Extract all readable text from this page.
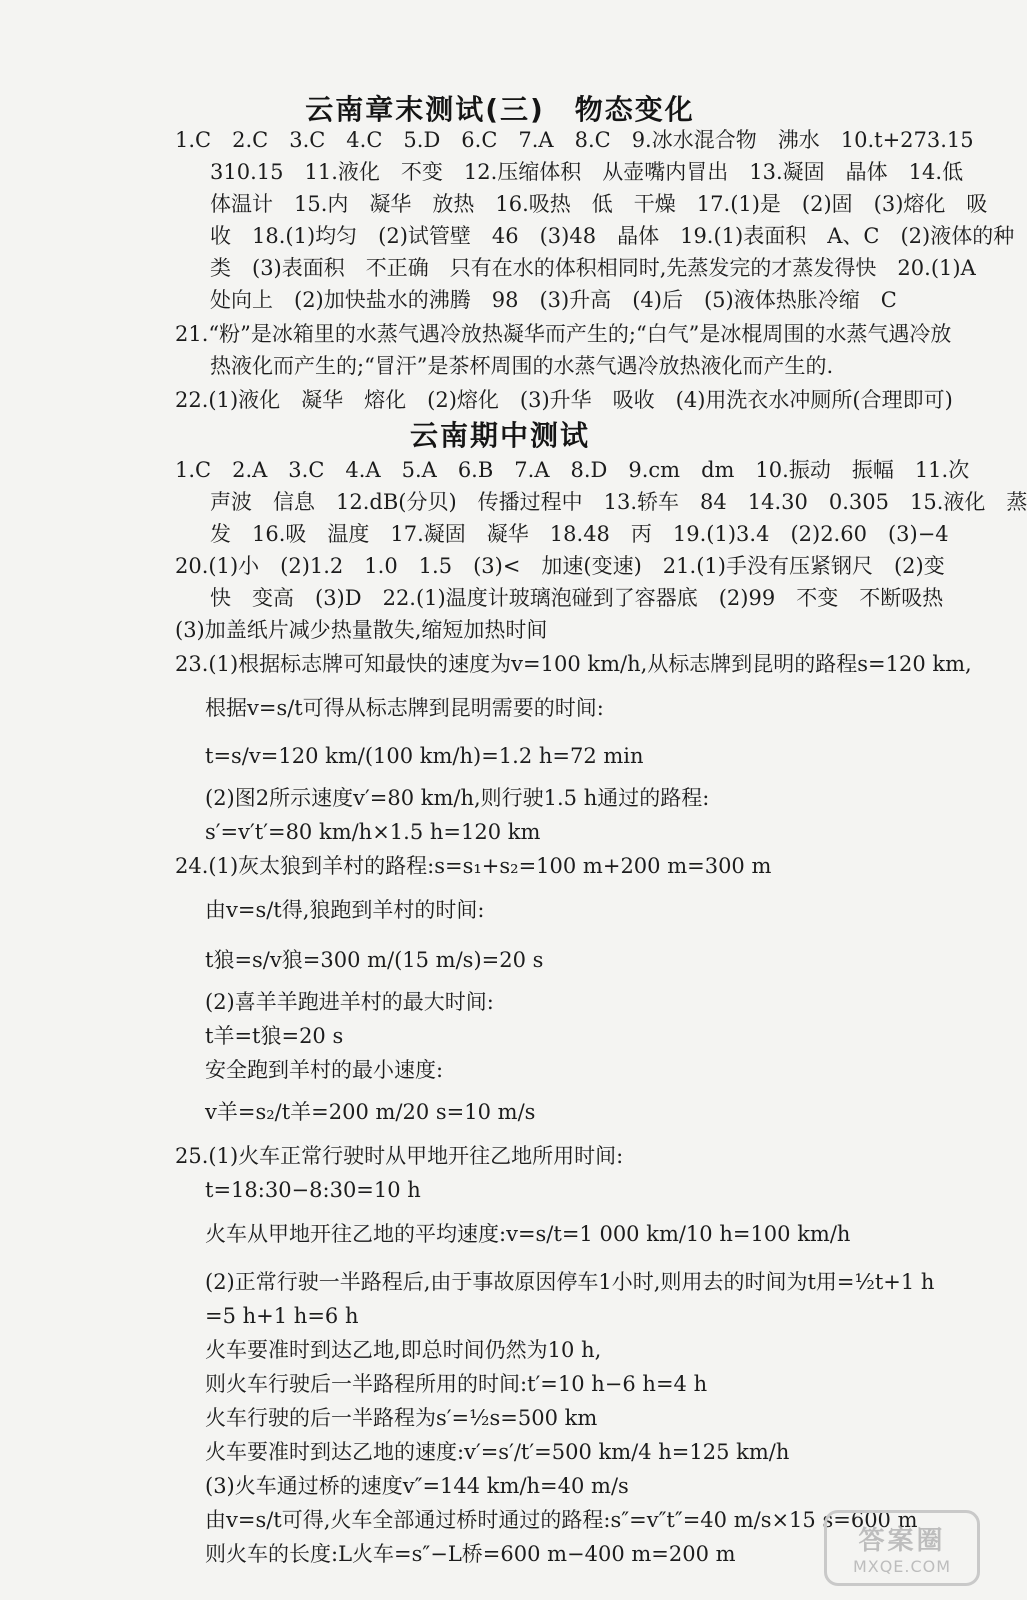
云南章末测试(三)　物态变化
1.C　2.C　3.C　4.C　5.D　6.C　7.A　8.C　9.冰水混合物　沸水　10.t+273.15
310.15　11.液化　不变　12.压缩体积　从壶嘴内冒出　13.凝固　晶体　14.低
体温计　15.内　凝华　放热　16.吸热　低　干燥　17.(1)是　(2)固　(3)熔化　吸
收　18.(1)均匀　(2)试管壁　46　(3)48　晶体　19.(1)表面积　A、C　(2)液体的种
类　(3)表面积　不正确　只有在水的体积相同时,先蒸发完的才蒸发得快　20.(1)A
处向上　(2)加快盐水的沸腾　98　(3)升高　(4)后　(5)液体热胀冷缩　C
21.“粉”是冰箱里的水蒸气遇冷放热凝华而产生的;“白气”是冰棍周围的水蒸气遇冷放
热液化而产生的;“冒汗”是茶杯周围的水蒸气遇冷放热液化而产生的.
22.(1)液化　凝华　熔化　(2)熔化　(3)升华　吸收　(4)用洗衣水冲厕所(合理即可)
云南期中测试
1.C　2.A　3.C　4.A　5.A　6.B　7.A　8.D　9.cm　dm　10.振动　振幅　11.次
声波　信息　12.dB(分贝)　传播过程中　13.轿车　84　14.30　0.305　15.液化　蒸
发　16.吸　温度　17.凝固　凝华　18.48　丙　19.(1)3.4　(2)2.60　(3)−4
20.(1)小　(2)1.2　1.0　1.5　(3)<　加速(变速)　21.(1)手没有压紧钢尺　(2)变
快　变高　(3)D　22.(1)温度计玻璃泡碰到了容器底　(2)99　不变　不断吸热
(3)加盖纸片减少热量散失,缩短加热时间
23.(1)根据标志牌可知最快的速度为v=100 km/h,从标志牌到昆明的路程s=120 km,
根据v=s/t可得从标志牌到昆明需要的时间:
t=s/v=120 km/(100 km/h)=1.2 h=72 min
(2)图2所示速度v′=80 km/h,则行驶1.5 h通过的路程:
s′=v′t′=80 km/h×1.5 h=120 km
24.(1)灰太狼到羊村的路程:s=s₁+s₂=100 m+200 m=300 m
由v=s/t得,狼跑到羊村的时间:
t狼=s/v狼=300 m/(15 m/s)=20 s
(2)喜羊羊跑进羊村的最大时间:
t羊=t狼=20 s
安全跑到羊村的最小速度:
v羊=s₂/t羊=200 m/20 s=10 m/s
25.(1)火车正常行驶时从甲地开往乙地所用时间:
t=18:30−8:30=10 h
火车从甲地开往乙地的平均速度:v=s/t=1 000 km/10 h=100 km/h
(2)正常行驶一半路程后,由于事故原因停车1小时,则用去的时间为t用=½t+1 h
=5 h+1 h=6 h
火车要准时到达乙地,即总时间仍然为10 h,
则火车行驶后一半路程所用的时间:t′=10 h−6 h=4 h
火车行驶的后一半路程为s′=½s=500 km
火车要准时到达乙地的速度:v′=s′/t′=500 km/4 h=125 km/h
(3)火车通过桥的速度v″=144 km/h=40 m/s
由v=s/t可得,火车全部通过桥时通过的路程:s″=v″t″=40 m/s×15 s=600 m
则火车的长度:L火车=s″−L桥=600 m−400 m=200 m	答案圈
MXQE.COM
